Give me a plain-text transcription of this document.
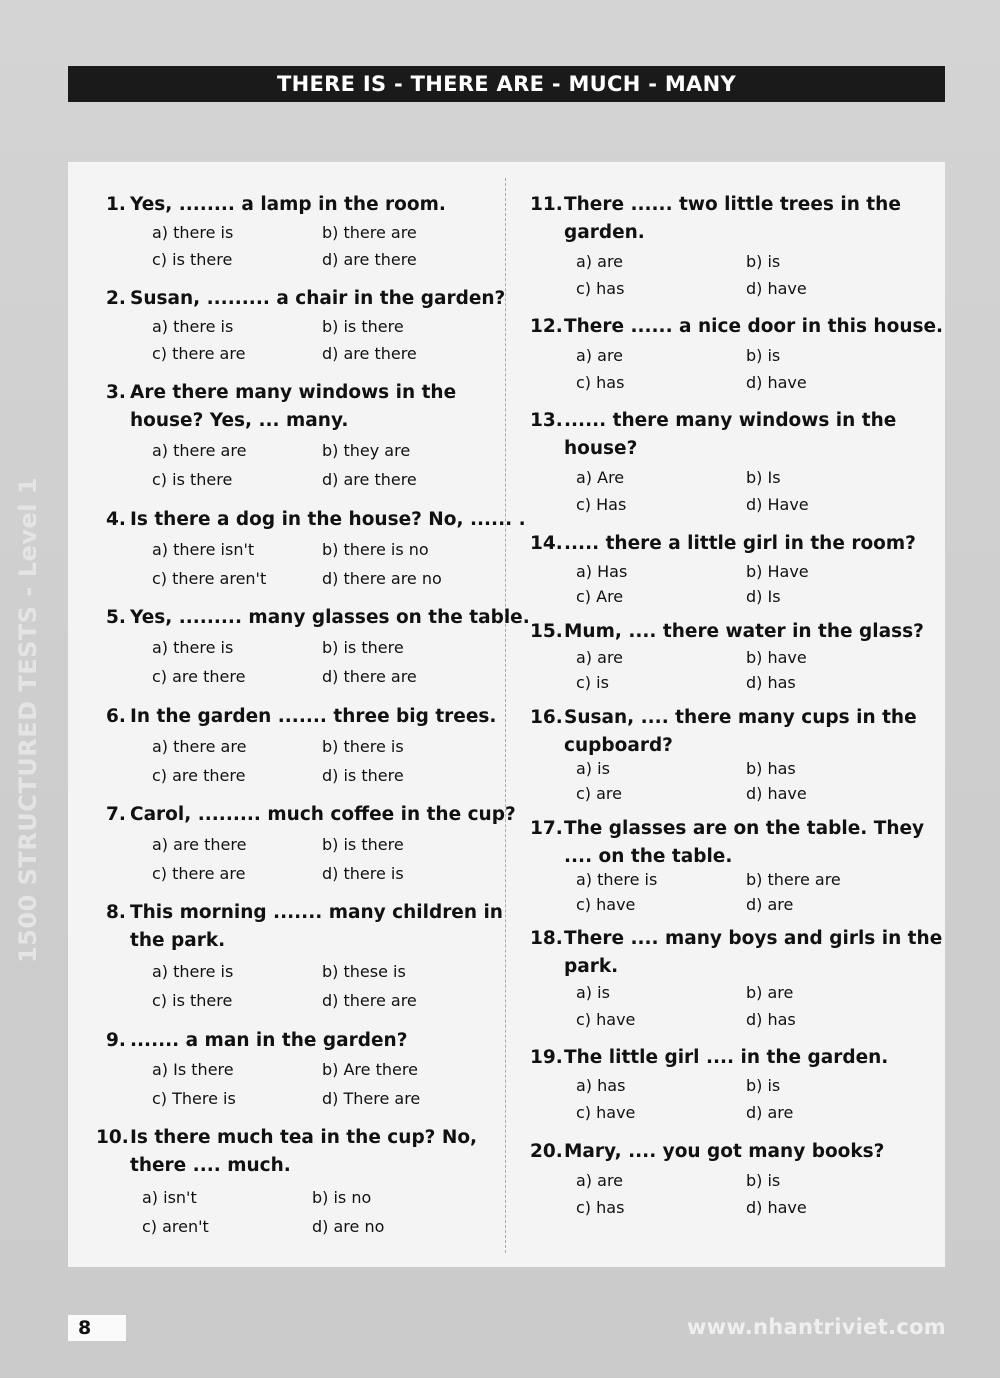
THERE IS - THERE ARE - MUCH - MANY
1500 STRUCTURED TESTS - Level 1
1. Yes, ........ a lamp in the room.
a) there is	b) there are
c) is there	d) are there
2. Susan, ......... a chair in the garden?
a) there is	b) is there
c) there are	d) are there
3. Are there many windows in the
house? Yes, ... many.
a) there are	b) they are
c) is there	d) are there
4. Is there a dog in the house? No, ...... .
a) there isn't	b) there is no
c) there aren't	d) there are no
5. Yes, ......... many glasses on the table.
a) there is	b) is there
c) are there	d) there are
6. In the garden ....... three big trees.
a) there are	b) there is
c) are there	d) is there
7. Carol, ......... much coffee in the cup?
a) are there	b) is there
c) there are	d) there is
8. This morning ....... many children in
the park.
a) there is	b) these is
c) is there	d) there are
9. ....... a man in the garden?
a) Is there	b) Are there
c) There is	d) There are
10.Is there much tea in the cup? No,
there .... much.
a) isn't	b) is no
c) aren't	d) are no
11.There ...... two little trees in the
garden.
a) are	b) is
c) has	d) have
12.There ...... a nice door in this house.
a) are	b) is
c) has	d) have
13....... there many windows in the
house?
a) Are	b) Is
c) Has	d) Have
14...... there a little girl in the room?
a) Has	b) Have
c) Are	d) Is
15.Mum, .... there water in the glass?
a) are	b) have
c) is	d) has
16.Susan, .... there many cups in the
cupboard?
a) is	b) has
c) are	d) have
17.The glasses are on the table. They
.... on the table.
a) there is	b) there are
c) have	d) are
18.There .... many boys and girls in the
park.
a) is	b) are
c) have	d) has
19.The little girl .... in the garden.
a) has	b) is
c) have	d) are
20.Mary, .... you got many books?
a) are	b) is
c) has	d) have
8	www.nhantriviet.com
